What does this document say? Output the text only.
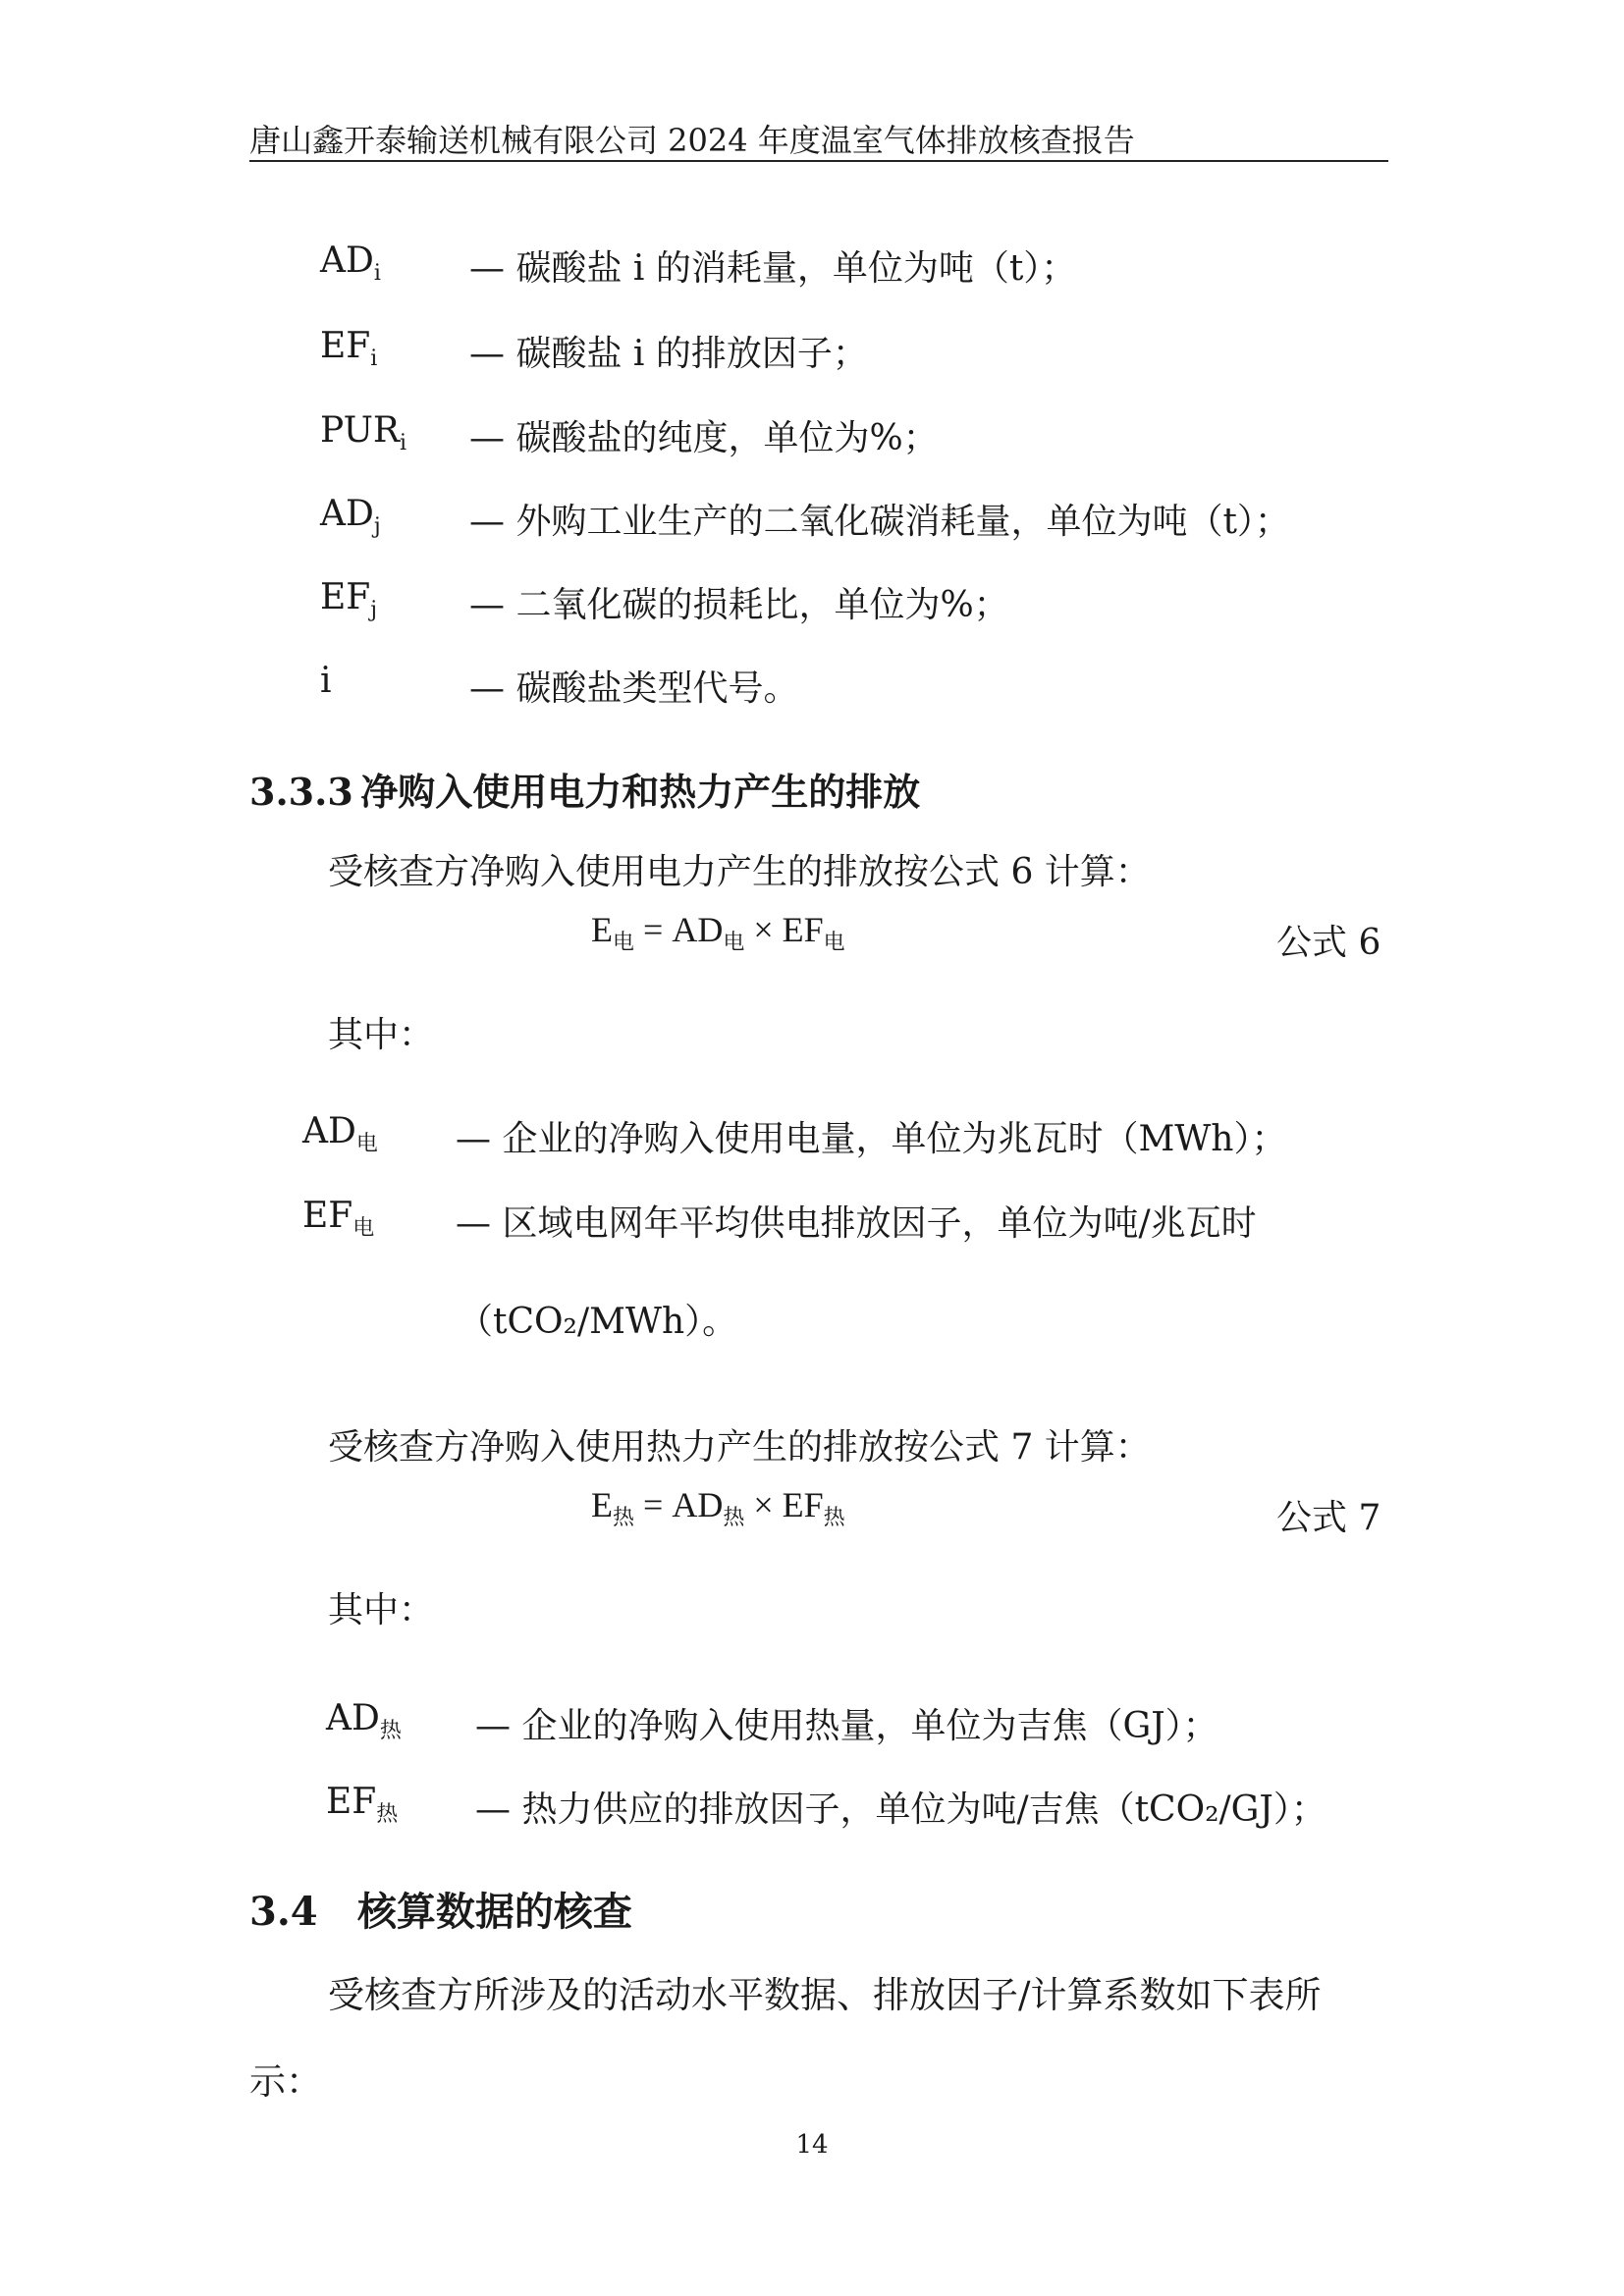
唐山鑫开泰输送机械有限公司 2024 年度温室气体排放核查报告
$AD_i$	— 碳酸盐 i 的消耗量，单位为吨（t）；
$EF_i$	— 碳酸盐 i 的排放因子；
$PUR_i$ — 碳酸盐的纯度，单位为%；
$AD_j$	— 外购工业生产的二氧化碳消耗量，单位为吨（t）；
$EF_j$	— 二氧化碳的损耗比，单位为%；
i	— 碳酸盐类型代号。
3.3.3 净购入使用电力和热力产生的排放
受核查方净购入使用电力产生的排放按公式 6 计算：
$E_电 = AD_电 \times EF_电$	公式 6
其中：
$AD_电$ — 企业的净购入使用电量，单位为兆瓦时（MWh）；
$EF_电$ — 区域电网年平均供电排放因子，单位为吨/兆瓦时
（tCO₂/MWh）。
受核查方净购入使用热力产生的排放按公式 7 计算：
$E_热 = AD_热 \times EF_热$	公式 7
其中：
$AD_热$ — 企业的净购入使用热量，单位为吉焦（GJ）；
$EF_热$ — 热力供应的排放因子，单位为吨/吉焦（tCO₂/GJ）；
3.4 核算数据的核查
受核查方所涉及的活动水平数据、排放因子/计算系数如下表所
示：
14
